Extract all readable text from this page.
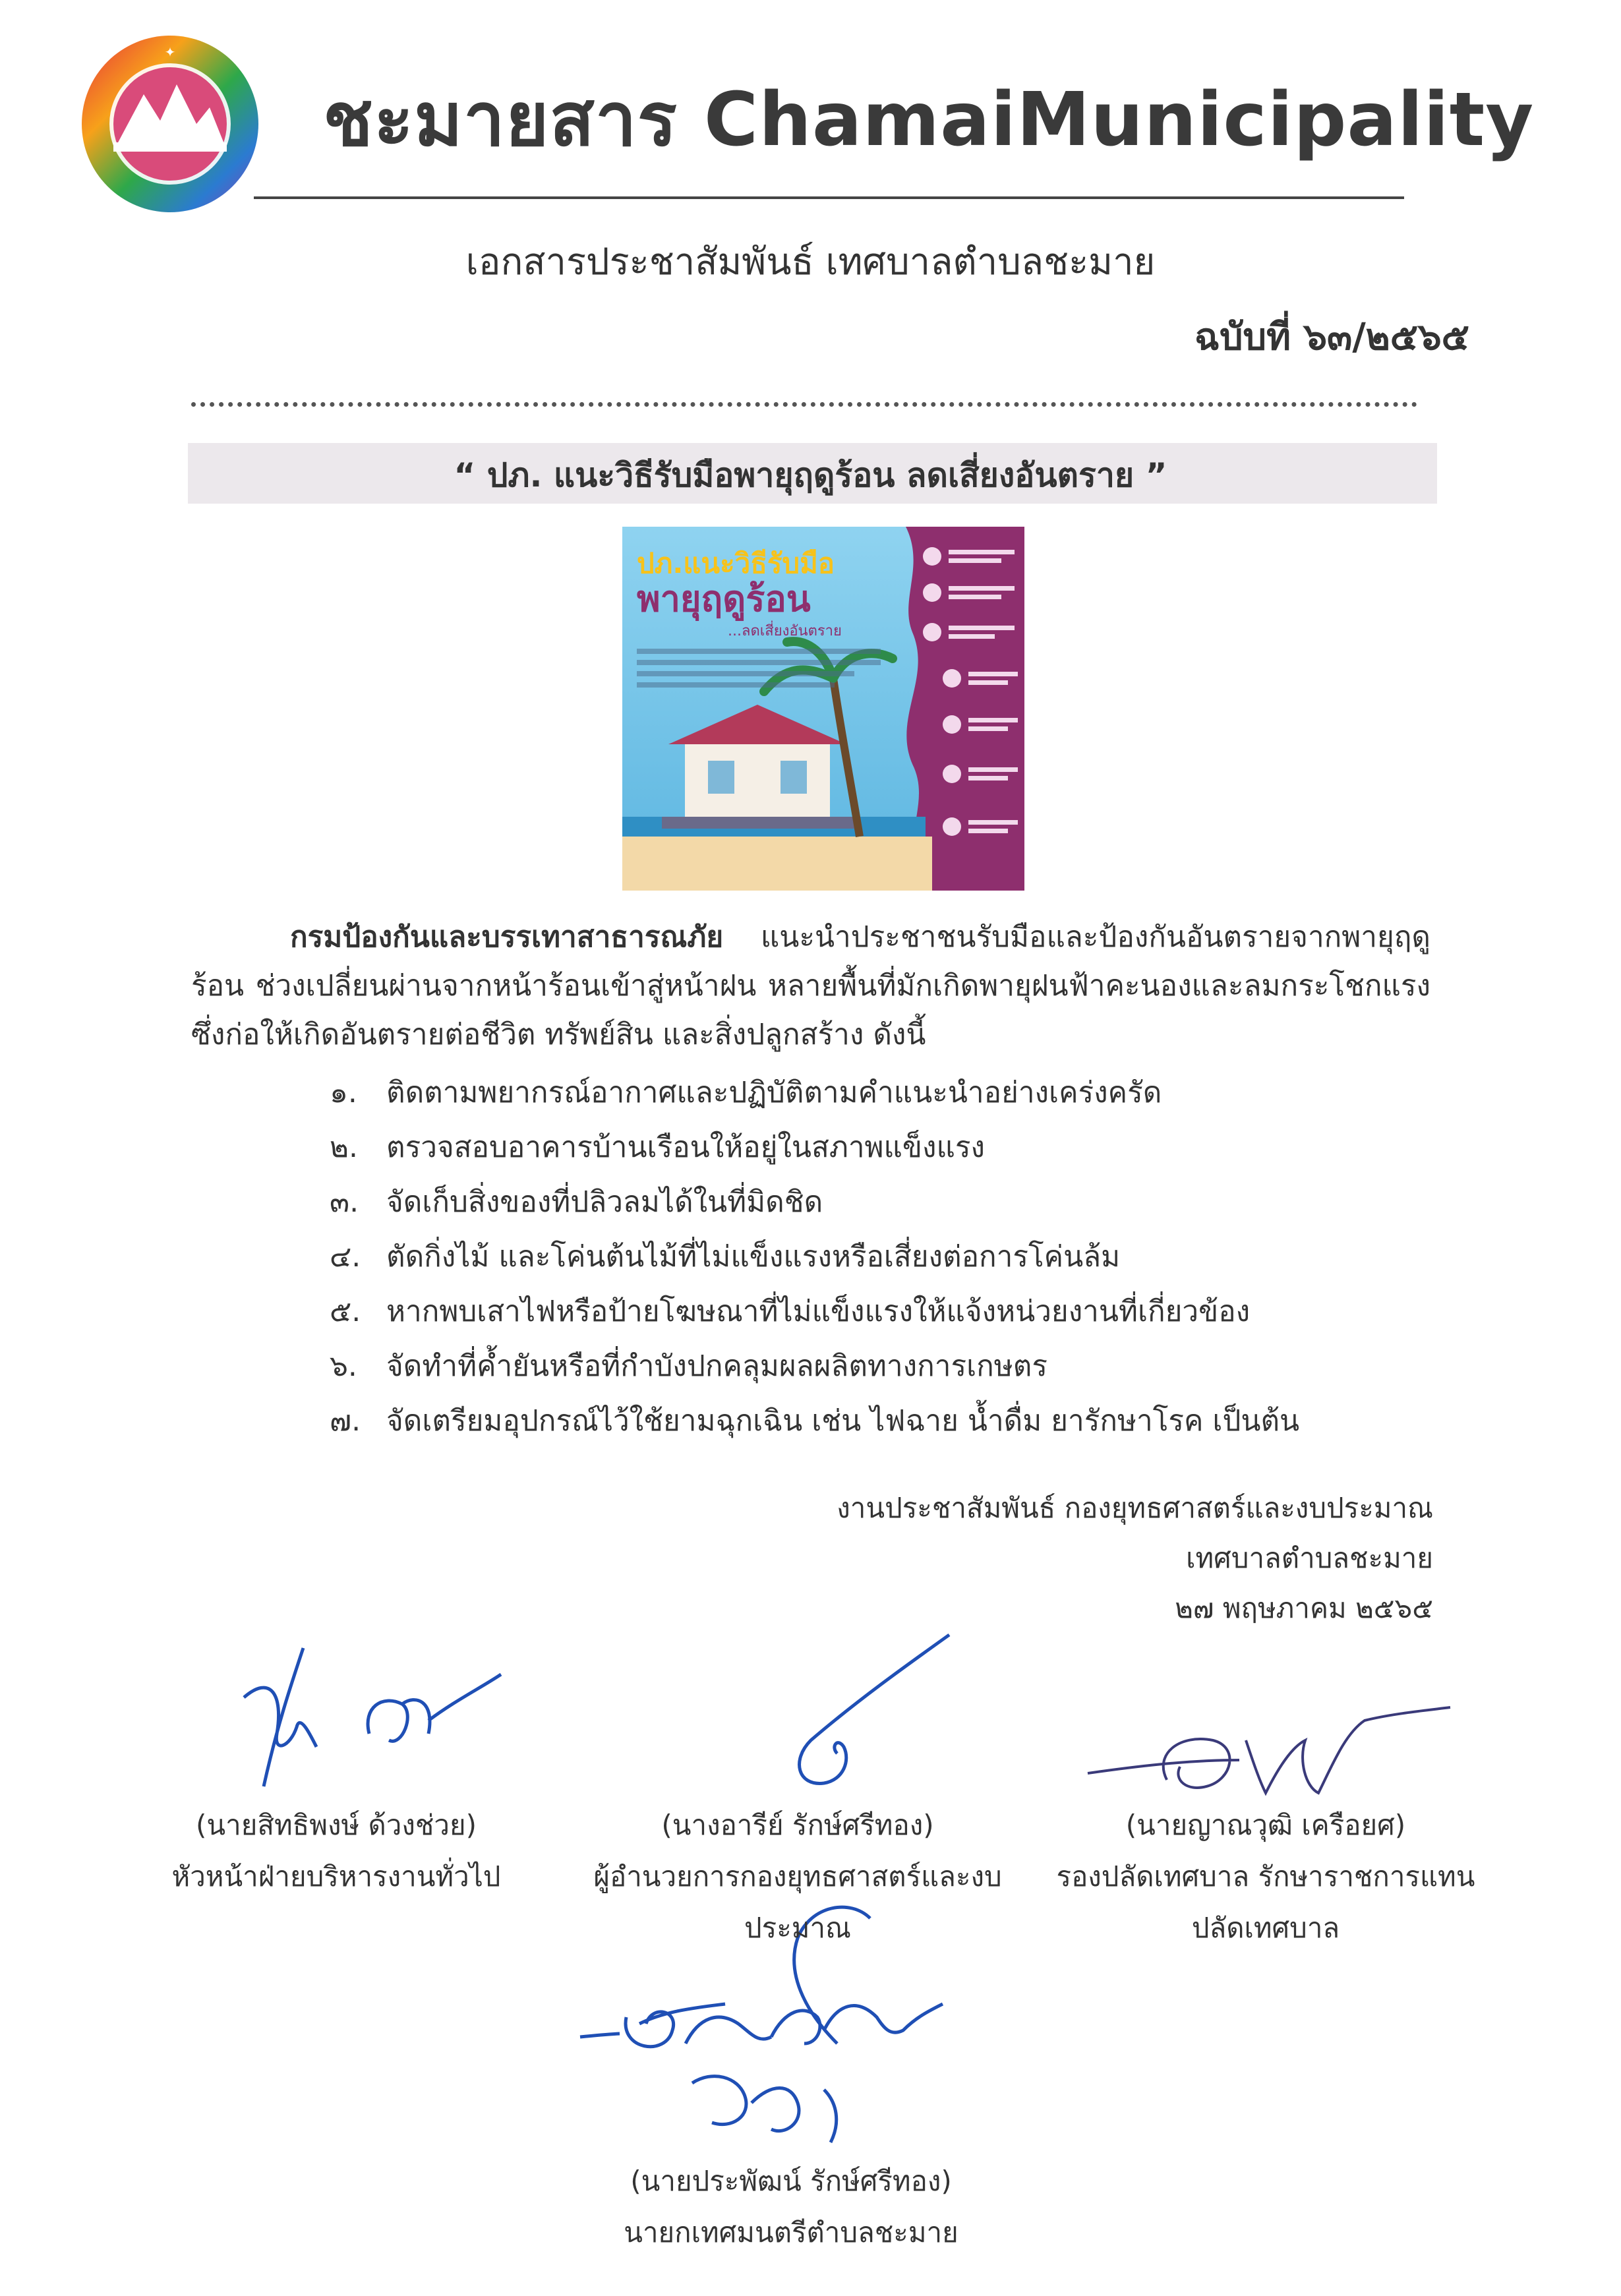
✦
ชะมายสาร ChamaiMunicipality
เอกสารประชาสัมพันธ์ เทศบาลตำบลชะมาย
ฉบับที่ ๖๓/๒๕๖๕
“ ปภ. แนะวิธีรับมือพายุฤดูร้อน ลดเสี่ยงอันตราย ”
ปภ.แนะวิธีรับมือ
พายุฤดูร้อน
...ลดเสี่ยงอันตราย
กรมป้องกันและบรรเทาสาธารณภัย แนะนำประชาชนรับมือและป้องกันอันตรายจากพายุฤดูร้อน ช่วงเปลี่ยนผ่านจากหน้าร้อนเข้าสู่หน้าฝน หลายพื้นที่มักเกิดพายุฝนฟ้าคะนองและลมกระโชกแรง ซึ่งก่อให้เกิดอันตรายต่อชีวิต ทรัพย์สิน และสิ่งปลูกสร้าง ดังนี้
๑.	ติดตามพยากรณ์อากาศและปฏิบัติตามคำแนะนำอย่างเคร่งครัด
๒. ตรวจสอบอาคารบ้านเรือนให้อยู่ในสภาพแข็งแรง
๓. จัดเก็บสิ่งของที่ปลิวลมได้ในที่มิดชิด
๔. ตัดกิ่งไม้ และโค่นต้นไม้ที่ไม่แข็งแรงหรือเสี่ยงต่อการโค่นล้ม
๕. หากพบเสาไฟหรือป้ายโฆษณาที่ไม่แข็งแรงให้แจ้งหน่วยงานที่เกี่ยวข้อง
๖.	จัดทำที่ค้ำยันหรือที่กำบังปกคลุมผลผลิตทางการเกษตร
๗. จัดเตรียมอุปกรณ์ไว้ใช้ยามฉุกเฉิน เช่น ไฟฉาย น้ำดื่ม ยารักษาโรค เป็นต้น
งานประชาสัมพันธ์ กองยุทธศาสตร์และงบประมาณ
เทศบาลตำบลชะมาย
๒๗ พฤษภาคม ๒๕๖๕
(นายสิทธิพงษ์ ด้วงช่วย)
หัวหน้าฝ่ายบริหารงานทั่วไป
(นางอารีย์ รักษ์ศรีทอง)
ผู้อำนวยการกองยุทธศาสตร์และงบประมาณ
(นายญาณวุฒิ เครือยศ)
รองปลัดเทศบาล รักษาราชการแทน
ปลัดเทศบาล
(นายประพัฒน์ รักษ์ศรีทอง)
นายกเทศมนตรีตำบลชะมาย
